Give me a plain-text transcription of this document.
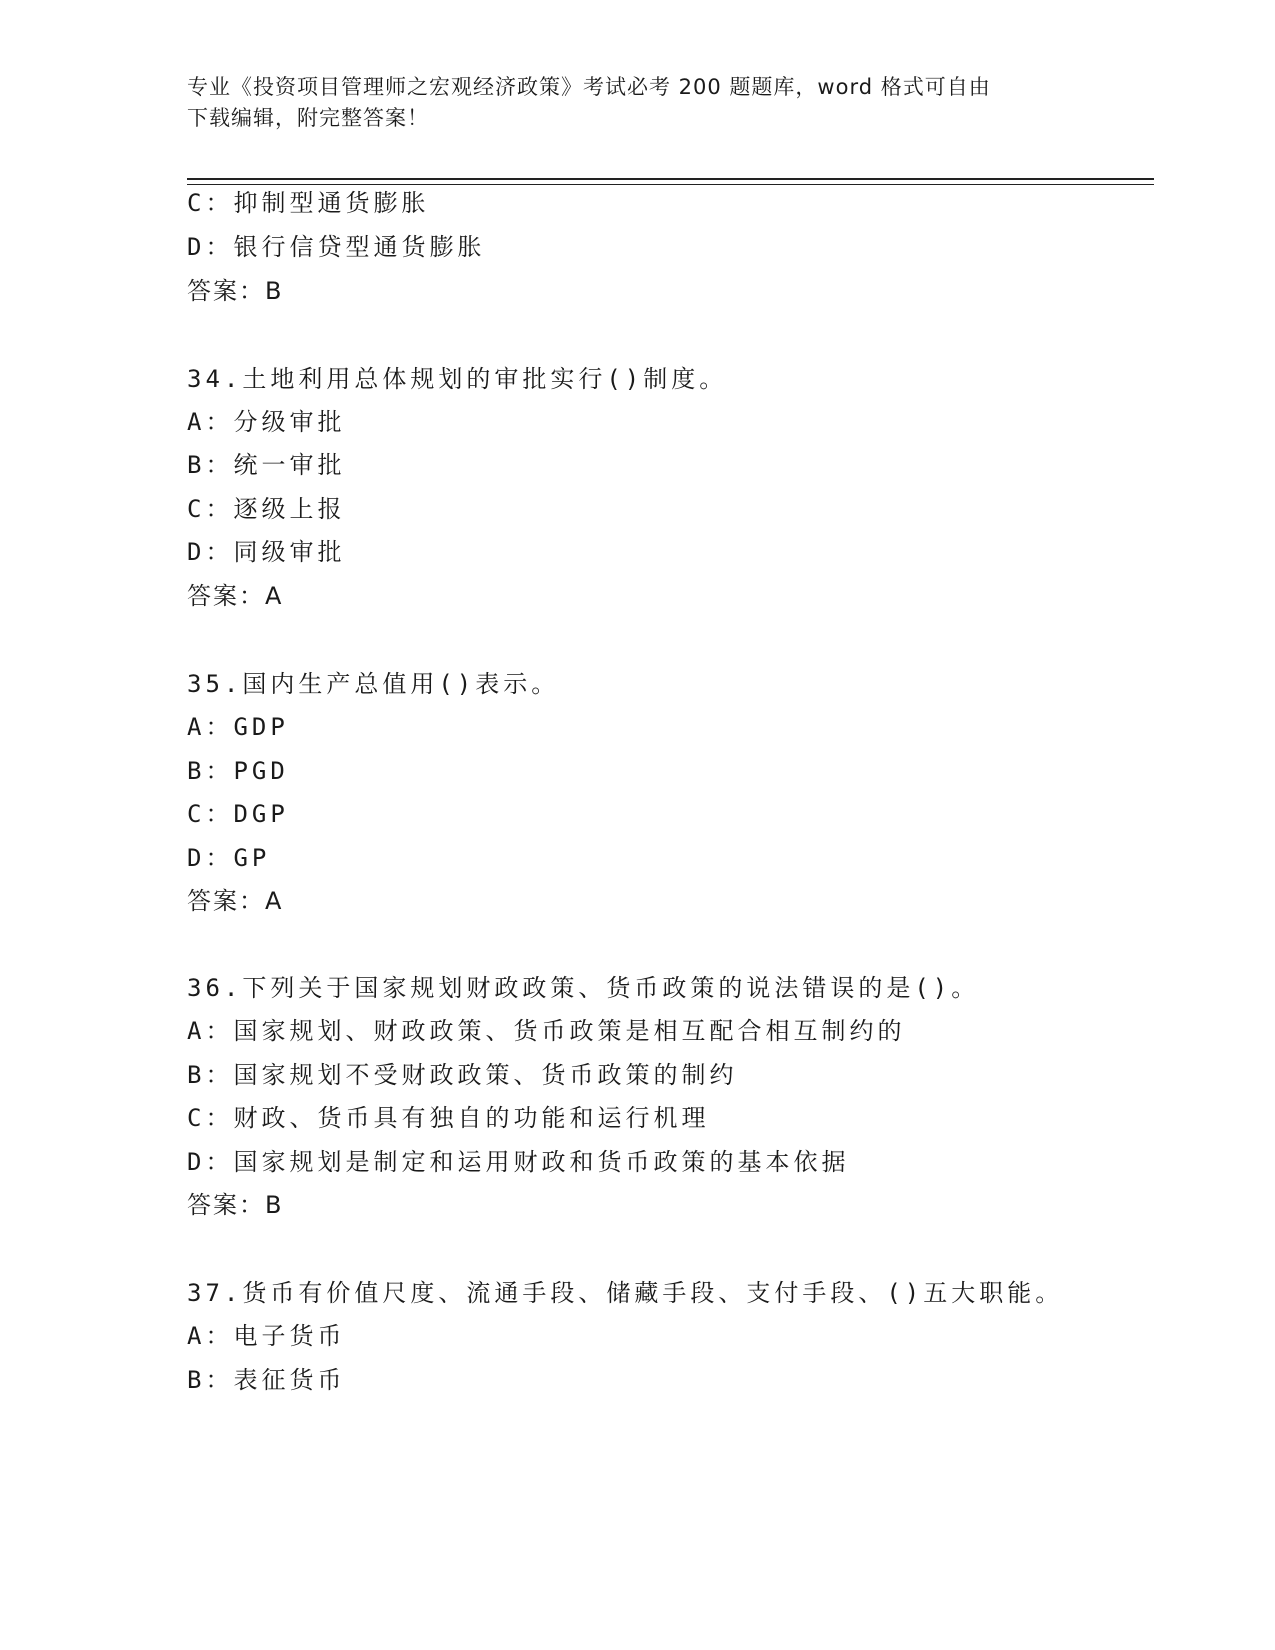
专业《投资项目管理师之宏观经济政策》考试必考 200 题题库，word 格式可自由
下载编辑，附完整答案！
C：抑制型通货膨胀
D：银行信贷型通货膨胀
答案：B
34.土地利用总体规划的审批实行()制度。
A：分级审批
B：统一审批
C：逐级上报
D：同级审批
答案：A
35.国内生产总值用()表示。
A：GDP
B：PGD
C：DGP
D：GP
答案：A
36.下列关于国家规划财政政策、货币政策的说法错误的是()。
A：国家规划、财政政策、货币政策是相互配合相互制约的
B：国家规划不受财政政策、货币政策的制约
C：财政、货币具有独自的功能和运行机理
D：国家规划是制定和运用财政和货币政策的基本依据
答案：B
37.货币有价值尺度、流通手段、储藏手段、支付手段、()五大职能。
A：电子货币
B：表征货币
